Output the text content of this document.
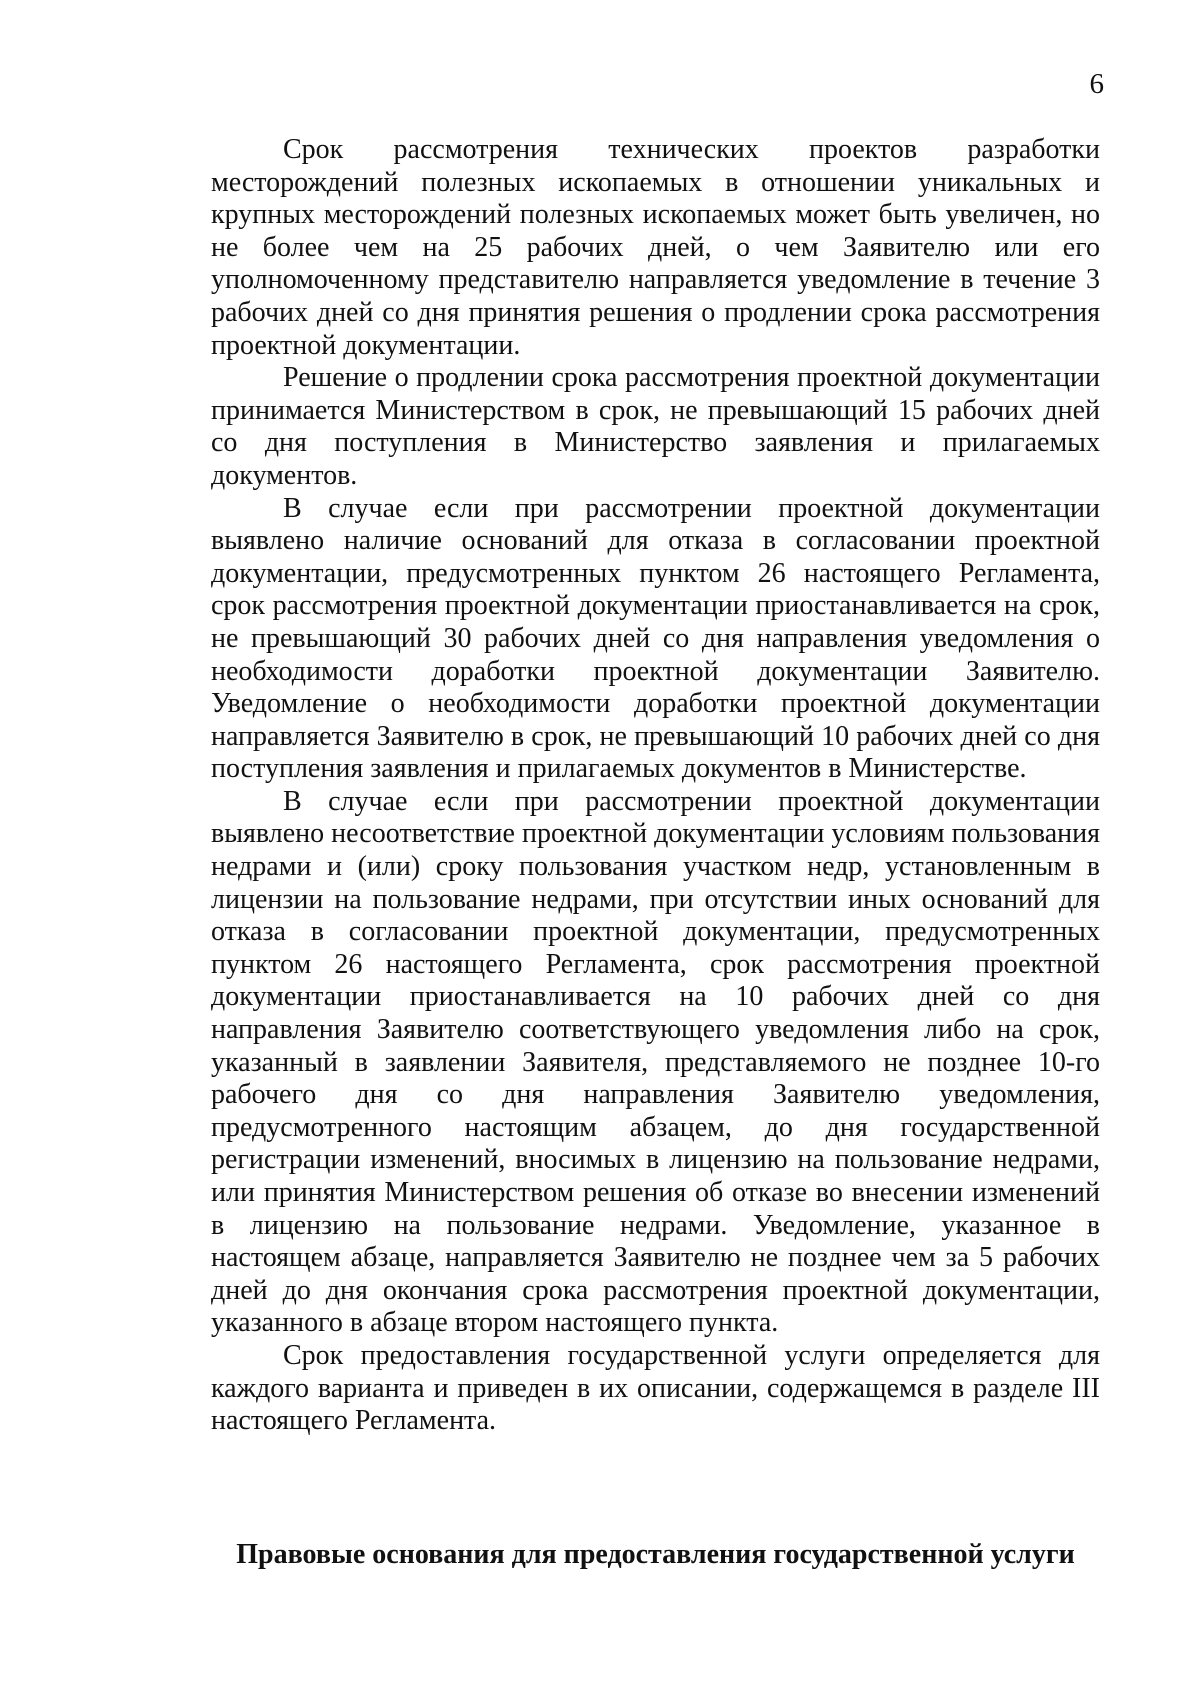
6

Срок рассмотрения технических проектов разработки месторождений полезных ископаемых в отношении уникальных и крупных месторождений полезных ископаемых может быть увеличен, но не более чем на 25 рабочих дней, о чем Заявителю или его уполномоченному представителю направляется уведомление в течение 3 рабочих дней со дня принятия решения о продлении срока рассмотрения проектной документации.

Решение о продлении срока рассмотрения проектной документации принимается Министерством в срок, не превышающий 15 рабочих дней со дня поступления в Министерство заявления и прилагаемых документов.

В случае если при рассмотрении проектной документации выявлено наличие оснований для отказа в согласовании проектной документации, предусмотренных пунктом 26 настоящего Регламента, срок рассмотрения проектной документации приостанавливается на срок, не превышающий 30 рабочих дней со дня направления уведомления о необходимости доработки проектной документации Заявителю. Уведомление о необходимости доработки проектной документации направляется Заявителю в срок, не превышающий 10 рабочих дней со дня поступления заявления и прилагаемых документов в Министерстве.

В случае если при рассмотрении проектной документации выявлено несоответствие проектной документации условиям пользования недрами и (или) сроку пользования участком недр, установленным в лицензии на пользование недрами, при отсутствии иных оснований для отказа в согласовании проектной документации, предусмотренных пунктом 26 настоящего Регламента, срок рассмотрения проектной документации приостанавливается на 10 рабочих дней со дня направления Заявителю соответствующего уведомления либо на срок, указанный в заявлении Заявителя, представляемого не позднее 10-го рабочего дня со дня направления Заявителю уведомления, предусмотренного настоящим абзацем, до дня государственной регистрации изменений, вносимых в лицензию на пользование недрами, или принятия Министерством решения об отказе во внесении изменений в лицензию на пользование недрами. Уведомление, указанное в настоящем абзаце, направляется Заявителю не позднее чем за 5 рабочих дней до дня окончания срока рассмотрения проектной документации, указанного в абзаце втором настоящего пункта.

Срок предоставления государственной услуги определяется для каждого варианта и приведен в их описании, содержащемся в разделе III настоящего Регламента.

Правовые основания для предоставления государственной услуги
